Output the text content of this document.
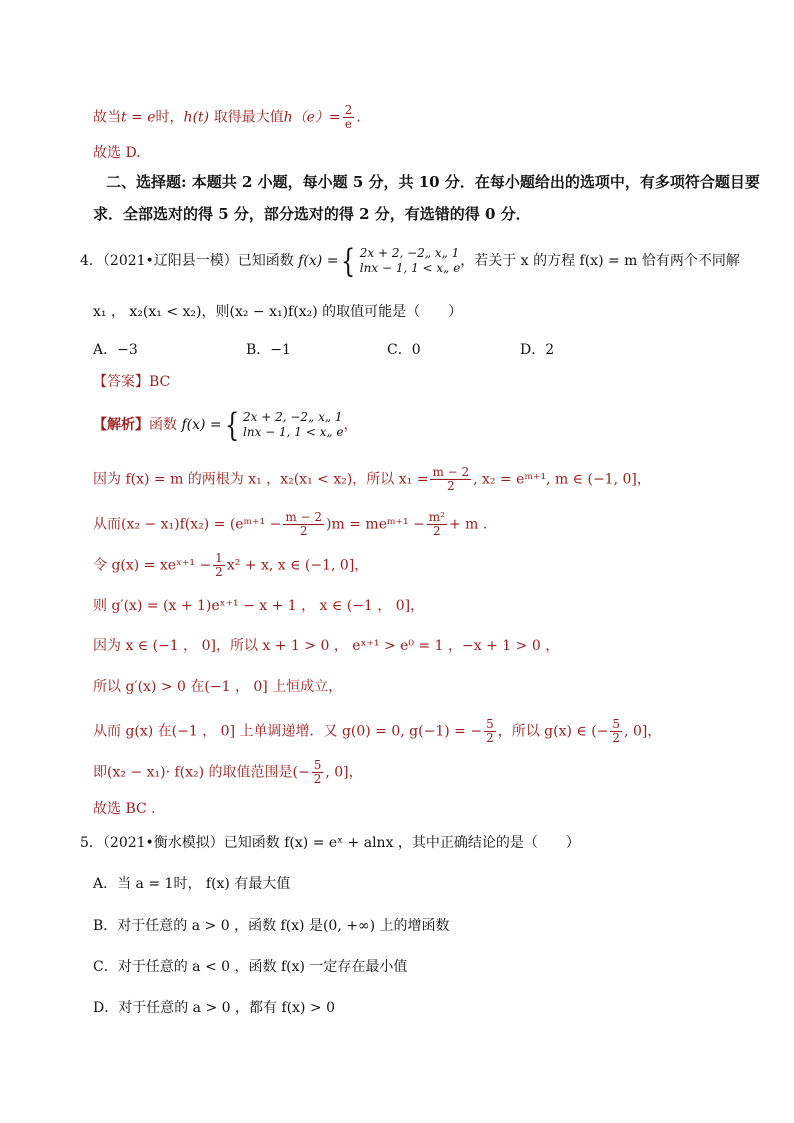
故当t = e时，h(t) 取得最大值$h(e)= \frac{2}{e}$ .
故选 D.
二、选择题: 本题共 2 小题，每小题 5 分，共 10 分．在每小题给出的选项中，有多项符合题目要
求．全部选对的得 5 分，部分选对的得 2 分，有选错的得 0 分．
4．（2021•辽阳县一模）已知函数 f(x) = { 2x + 2, −2„ x„ 1
lnx − 1, 1 < x„ e ，若关于 x 的方程 f(x) = m 恰有两个不同解
x₁ ， x₂(x₁ < x₂)，则(x₂ − x₁)f(x₂) 的取值可能是（　　）
A．−3	B．−1	C．0	D．2
【答案】BC
【解析】函数 f(x) = { 2x + 2, −2„ x„ 1
lnx − 1, 1 < x„ e ，
因为 f(x) = m 的两根为 x₁ ，x₂(x₁ < x₂)，所以 $x_1 = \frac{m - 2}{2}$ , x₂ = eᵐ⁺¹, m ∈ (−1, 0]，
从而(x₂ − x₁)f(x₂) = (eᵐ⁺¹ − $\frac{m - 2}{2} )m$ = meᵐ⁺¹ − $\frac{\text{m²}}{2} + m$ .
令 g(x) = xeˣ⁺¹ − $\frac{1}{2} x^2 + x$, x ∈ (−1, 0]，
则 g′(x) = (x + 1)eˣ⁺¹ − x + 1 ， x ∈ (−1 ， 0]，
因为 x ∈ (−1 ， 0]，所以 x + 1 > 0 ， eˣ⁺¹ > e⁰ = 1 ，−x + 1 > 0 ，
所以 g′(x) > 0 在(−1 ， 0] 上恒成立，
从而 g(x) 在(−1 ， 0] 上单调递增．又 g(0) = 0, g(−1) = − $\frac{5}{2}$ ，所以 g(x) ∈ (− $\frac{5}{2}$ , 0]，
即(x₂ − x₁)· f(x₂) 的取值范围是(− $\frac{5}{2}$ , 0]，
故选 BC .
5．（2021•衡水模拟）已知函数 f(x) = eˣ + alnx ，其中正确结论的是（　　）
A．当 a = 1时， f(x) 有最大值
B．对于任意的 a > 0 ，函数 f(x) 是(0, +∞) 上的增函数
C．对于任意的 a < 0 ，函数 f(x) 一定存在最小值
D．对于任意的 a > 0 ，都有 f(x) > 0
